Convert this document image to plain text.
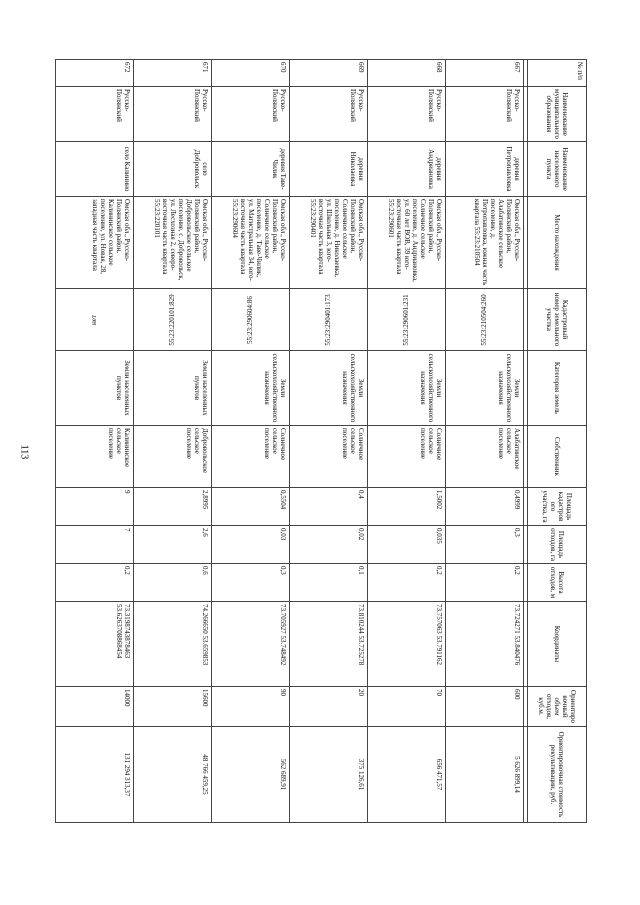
113
№ п/п	Наименование муниципального образования	Наименование населенного пункта	Место нахождения	Кадастровый номер земельного участка	Категория земель	Собственник	Площадь кадастрового участка, га	Площадь отходов, га	Высота отходов, м	Координаты	Ориентировочный объем отходов, куб.м.	Ориентировочная стоимость рекультивации, руб.

667	Русско-Полянский	деревня Петропавловка	Омская обл., Русско-Полянский район, Алабатинское сельское поселение, д. Петропавловка, южная часть квартала 55:23:210504	55:23:210504:260	Земли сельскохозяйственного назначения	Алабатинское сельское поселение	0,4999	0,3	0,2	73.724271 53.840476	600	5 626 899,14
668	Русско-Полянский	деревня Андриановка	Омская обл., Русско-Полянский район, Солнечное сельское поселение, д. Андриановка, ул. 60 лет ВОВ, 39 юго-восточная часть квартала 55:23:290601	55:23:290601:231	Земли сельскохозяйственного назначения	Солнечное сельское поселение	1,5002	0,035	0,2	73.757063 53.791162	70	656 471,57
669	Русско-Полянский	деревня Николаевка	Омская обл., Русско-Полянский район, Солнечное сельское поселение, д. Николаевка, ул. Школьная 3, юго-восточная часть квартала 55:23:290401	55:23:290401:173	Земли сельскохозяйственного назначения	Солнечное сельское поселение	0,4	0,02	0,1	73.810244 53.725278	20	375 126,61
670	Русско-Полянский	деревня Таве-Чилик	Омская обл., Русско-Полянский район, Солнечное сельское поселение, д. Таве-Чилик, ул. Магистральная 34, юго-восточная часть квартала 55:23:290604	55:23:290604:86	Земли сельскохозяйственного назначения	Солнечное сельское поселение	0,5504	0,03	0,3	73.705927 53.748492	90	562 689,91
671	Русско-Полянский	село Добровольск	Омская обл., Русско-Полянский район, Добровольское сельское поселение, с. Добровольск, ул. Лесхозная 2, северо-восточная часть квартала 55:23:220101	55:23:220101:829	Земли населенных пунктов	Добровольское сельское поселение	2,8995	2,6	0,6	74.266650 53.659853	15600	48 766 459,25
672	Русско-Полянский	село Калинино	Омская обл., Русско-Полянский район, Калининское сельское поселение, ул. Новая, 28, западная часть квартала	нет	Земли населенных пунктов	Калининское сельское поселение	9	7	0,2	73.3198743878463 53.6263708868454	14000	131 294 313,37
